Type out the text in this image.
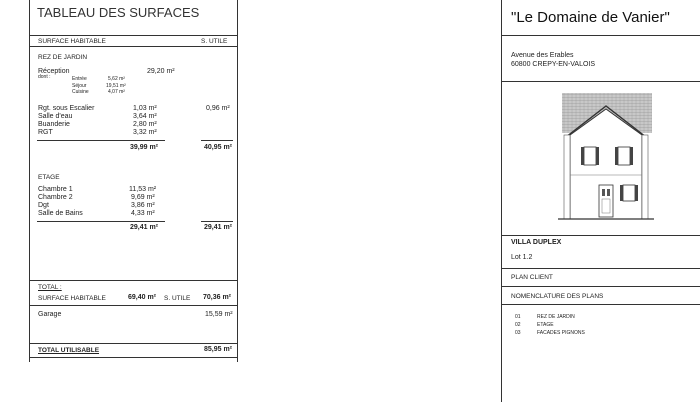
TABLEAU DES SURFACES
SURFACE HABITABLE	S. UTILE
REZ DE JARDIN
Réception	29,20 m²
dont :	Entrée	5,62 m²
Séjour	19,51 m²
Cuisine	4,07 m²
Rgt. sous Escalier	1,03 m²	0,96 m²
Salle d'eau	3,64 m²
Buanderie	2,80 m²
RGT	3,32 m²
39,99 m²	40,95 m²
ETAGE
Chambre 1	11,53 m²
Chambre 2	9,69 m²
Dgt	3,86 m²
Salle de Bains	4,33 m²
29,41 m²	29,41 m²
TOTAL :
SURFACE HABITABLE	69,40 m² S. UTILE 70,36 m²
Garage	15,59 m²
TOTAL UTILISABLE	85,95 m²
"Le Domaine de Vanier"
Avenue des Erables
60800 CREPY-EN-VALOIS
VILLA DUPLEX
Lot 1.2
PLAN CLIENT
NOMENCLATURE DES PLANS
01	REZ DE JARDIN
02	ETAGE
03	FACADES PIGNONS
